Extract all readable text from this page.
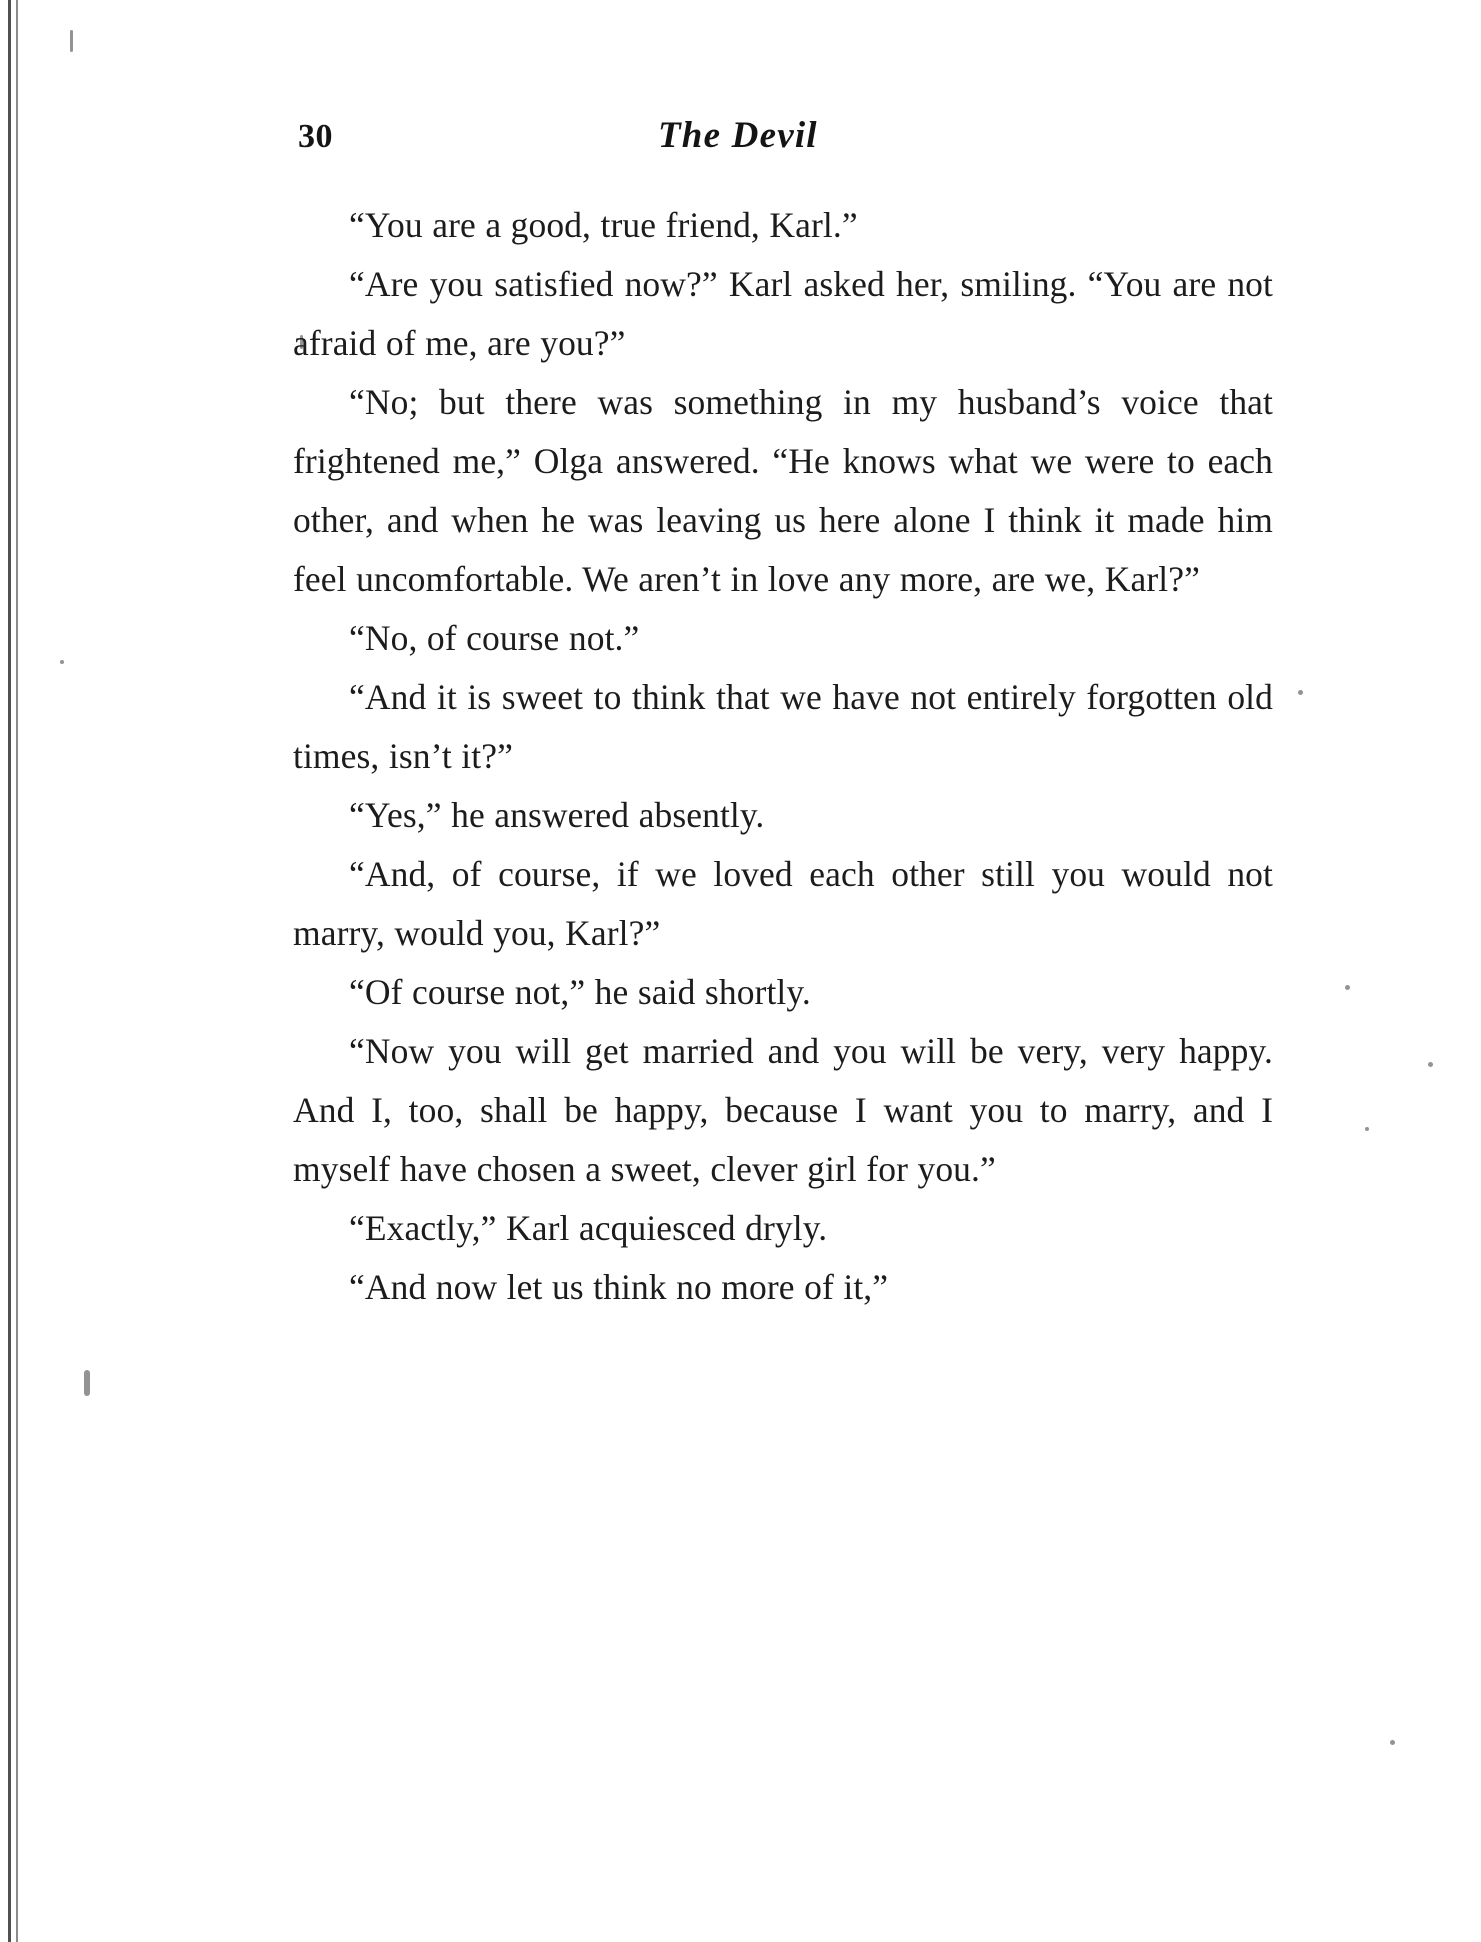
30	The Devil

“You are a good, true friend, Karl.”

“Are you satisfied now?” Karl asked her, smiling. “You are not afraid of me, are you?”

“No; but there was something in my husband’s voice that frightened me,” Olga answered. “He knows what we were to each other, and when he was leaving us here alone I think it made him feel uncomfortable. We aren’t in love any more, are we, Karl?”

“No, of course not.”

“And it is sweet to think that we have not entirely forgotten old times, isn’t it?”

“Yes,” he answered absently.

“And, of course, if we loved each other still you would not marry, would you, Karl?”

“Of course not,” he said shortly.

“Now you will get married and you will be very, very happy. And I, too, shall be happy, because I want you to marry, and I myself have chosen a sweet, clever girl for you.”

“Exactly,” Karl acquiesced dryly.

“And now let us think no more of it,”
